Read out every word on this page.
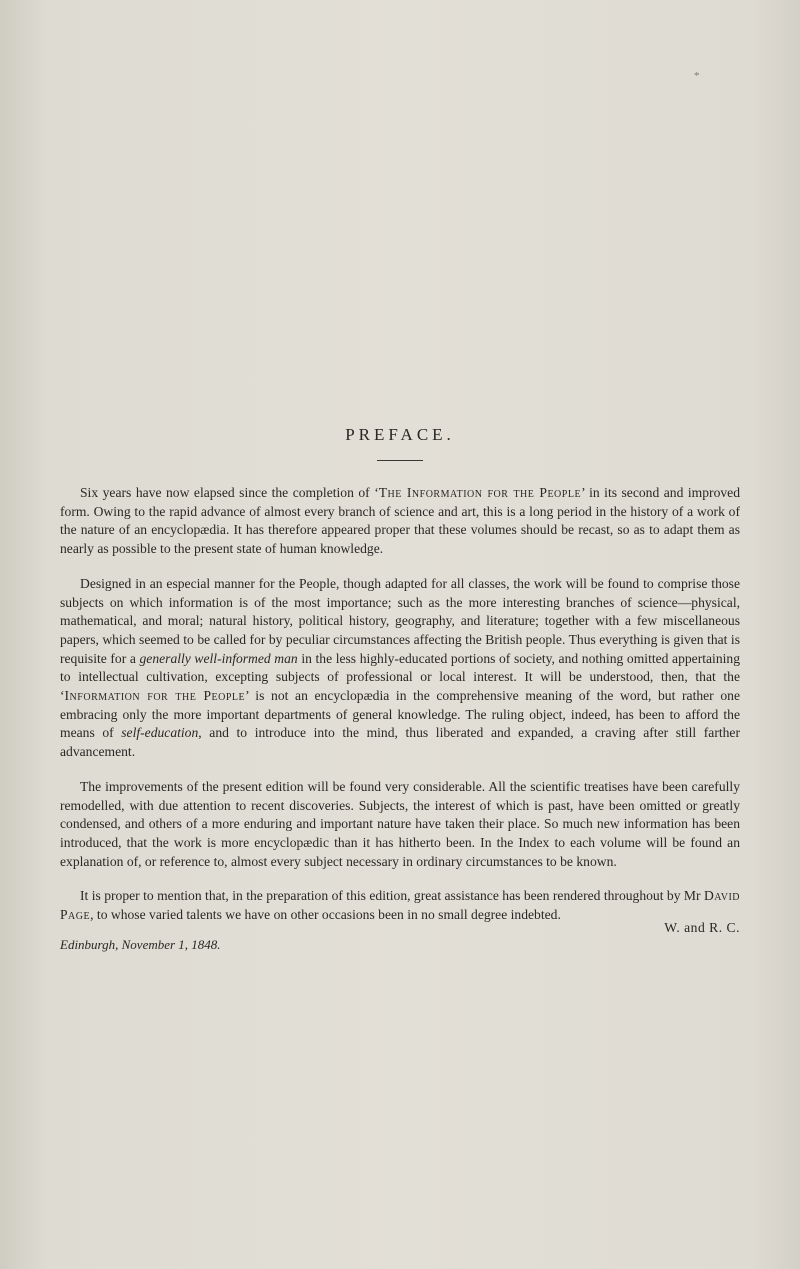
*
PREFACE.

Six years have now elapsed since the completion of ‘The Information for the People’ in its second and improved form. Owing to the rapid advance of almost every branch of science and art, this is a long period in the history of a work of the nature of an encyclopædia. It has therefore appeared proper that these volumes should be recast, so as to adapt them as nearly as possible to the present state of human knowledge.

Designed in an especial manner for the People, though adapted for all classes, the work will be found to comprise those subjects on which information is of the most importance; such as the more interesting branches of science—physical, mathematical, and moral; natural history, political history, geography, and literature; together with a few miscellaneous papers, which seemed to be called for by peculiar circumstances affecting the British people. Thus everything is given that is requisite for a generally well-informed man in the less highly-educated portions of society, and nothing omitted appertaining to intellectual cultivation, excepting subjects of professional or local interest. It will be understood, then, that the ‘Information for the People’ is not an encyclopædia in the comprehensive meaning of the word, but rather one embracing only the more important departments of general knowledge. The ruling object, indeed, has been to afford the means of self-education, and to introduce into the mind, thus liberated and expanded, a craving after still farther advancement.

The improvements of the present edition will be found very considerable. All the scientific treatises have been carefully remodelled, with due attention to recent discoveries. Subjects, the interest of which is past, have been omitted or greatly condensed, and others of a more enduring and important nature have taken their place. So much new information has been introduced, that the work is more encyclopædic than it has hitherto been. In the Index to each volume will be found an explanation of, or reference to, almost every subject necessary in ordinary circumstances to be known.

It is proper to mention that, in the preparation of this edition, great assistance has been rendered throughout by Mr David Page, to whose varied talents we have on other occasions been in no small degree indebted.

W. and R. C.
Edinburgh, November 1, 1848.
